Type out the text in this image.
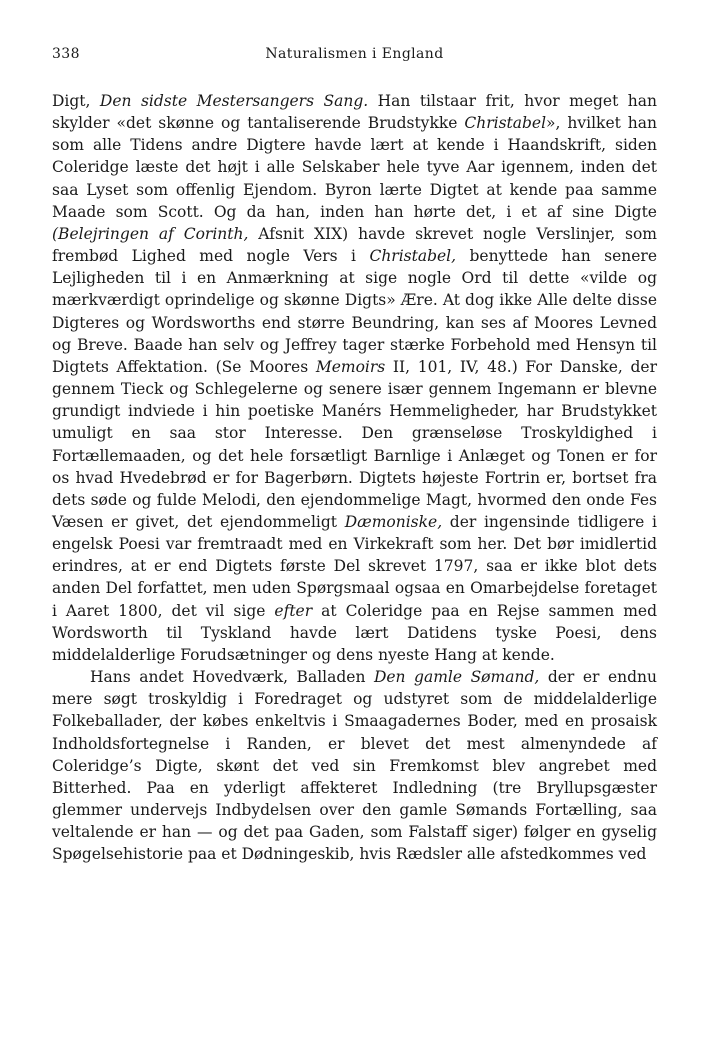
338	Naturalismen i England

Digt, Den sidste Mestersangers Sang. Han tilstaar frit, hvor meget han skylder «det skønne og tantaliserende Brudstykke Christabel», hvilket han som alle Tidens andre Digtere havde lært at kende i Haandskrift, siden Coleridge læste det højt i alle Selskaber hele tyve Aar igennem, inden det saa Lyset som offenlig Ejendom. Byron lærte Digtet at kende paa samme Maade som Scott. Og da han, inden han hørte det, i et af sine Digte (Belejringen af Corinth, Afsnit XIX) havde skrevet nogle Verslinjer, som frembød Lighed med nogle Vers i Christabel, benyttede han senere Lejligheden til i en Anmærkning at sige nogle Ord til dette «vilde og mærkværdigt oprindelige og skønne Digts» Ære. At dog ikke Alle delte disse Digteres og Wordsworths end større Beundring, kan ses af Moores Levned og Breve. Baade han selv og Jeffrey tager stærke Forbehold med Hensyn til Digtets Affektation. (Se Moores Memoirs II, 101, IV, 48.) For Danske, der gennem Tieck og Schlegelerne og senere især gennem Ingemann er blevne grundigt indviede i hin poetiske Manérs Hemmeligheder, har Brudstykket umuligt en saa stor Interesse. Den grænseløse Troskyldighed i Fortællemaaden, og det hele forsætligt Barnlige i Anlæget og Tonen er for os hvad Hvedebrød er for Bagerbørn. Digtets højeste Fortrin er, bortset fra dets søde og fulde Melodi, den ejendommelige Magt, hvormed den onde Fes Væsen er givet, det ejendommeligt Dæmoniske, der ingensinde tidligere i engelsk Poesi var fremtraadt med en Virkekraft som her. Det bør imidlertid erindres, at er end Digtets første Del skrevet 1797, saa er ikke blot dets anden Del forfattet, men uden Spørgsmaal ogsaa en Omarbejdelse foretaget i Aaret 1800, det vil sige efter at Coleridge paa en Rejse sammen med Wordsworth til Tyskland havde lært Datidens tyske Poesi, dens middelalderlige Forudsætninger og dens nyeste Hang at kende.

Hans andet Hovedværk, Balladen Den gamle Sømand, der er endnu mere søgt troskyldig i Foredraget og udstyret som de middelalderlige Folkeballader, der købes enkeltvis i Smaagadernes Boder, med en prosaisk Indholdsfortegnelse i Randen, er blevet det mest almenyndede af Coleridge’s Digte, skønt det ved sin Fremkomst blev angrebet med Bitterhed. Paa en yderligt affekteret Indledning (tre Bryllupsgæster glemmer undervejs Indbydelsen over den gamle Sømands Fortælling, saa veltalende er han — og det paa Gaden, som Falstaff siger) følger en gyselig Spøgelsehistorie paa et Dødningeskib, hvis Rædsler alle afstedkommes ved
